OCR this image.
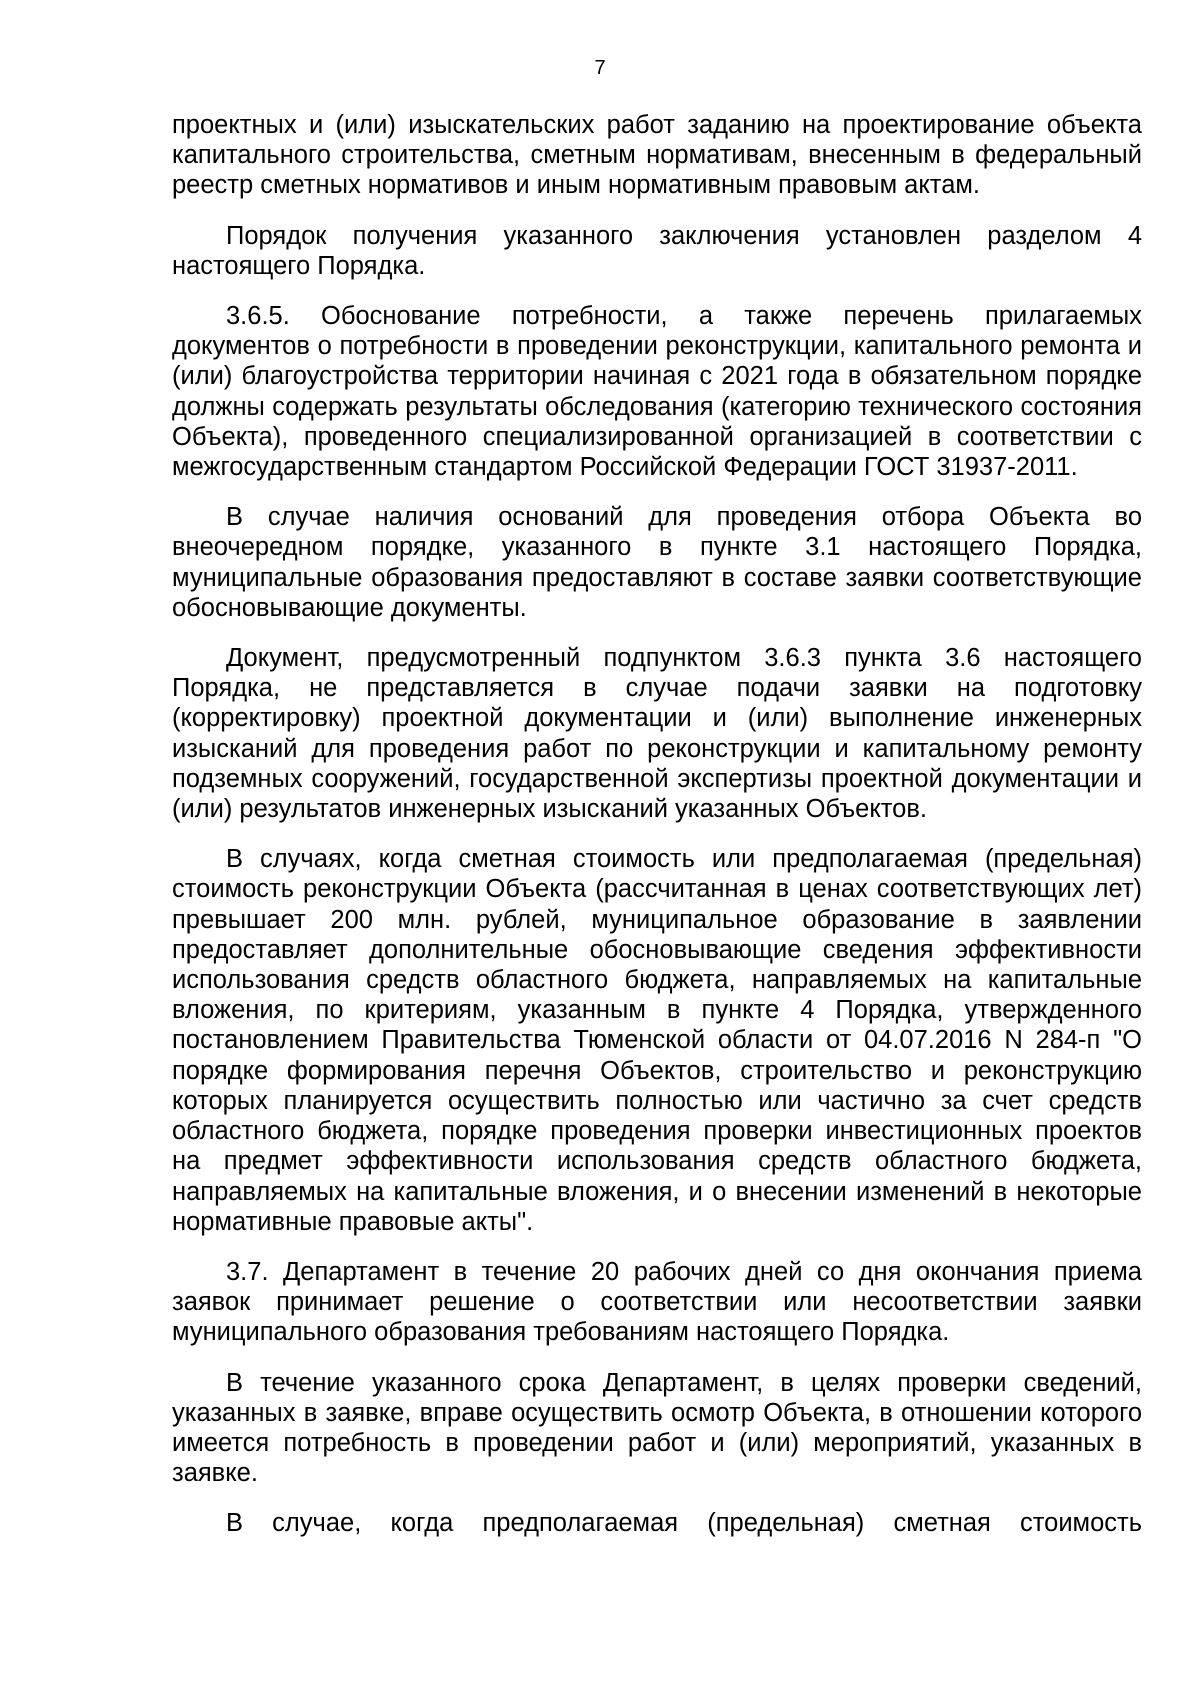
7

проектных и (или) изыскательских работ заданию на проектирование объекта капитального строительства, сметным нормативам, внесенным в федеральный реестр сметных нормативов и иным нормативным правовым актам.

Порядок получения указанного заключения установлен разделом 4 настоящего Порядка.

3.6.5. Обоснование потребности, а также перечень прилагаемых документов о потребности в проведении реконструкции, капитального ремонта и (или) благоустройства территории начиная с 2021 года в обязательном порядке должны содержать результаты обследования (категорию технического состояния Объекта), проведенного специализированной организацией в соответствии с межгосударственным стандартом Российской Федерации ГОСТ 31937-2011.

В случае наличия оснований для проведения отбора Объекта во внеочередном порядке, указанного в пункте 3.1 настоящего Порядка, муниципальные образования предоставляют в составе заявки соответствующие обосновывающие документы.

Документ, предусмотренный подпунктом 3.6.3 пункта 3.6 настоящего Порядка, не представляется в случае подачи заявки на подготовку (корректировку) проектной документации и (или) выполнение инженерных изысканий для проведения работ по реконструкции и капитальному ремонту подземных сооружений, государственной экспертизы проектной документации и (или) результатов инженерных изысканий указанных Объектов.

В случаях, когда сметная стоимость или предполагаемая (предельная) стоимость реконструкции Объекта (рассчитанная в ценах соответствующих лет) превышает 200 млн. рублей, муниципальное образование в заявлении предоставляет дополнительные обосновывающие сведения эффективности использования средств областного бюджета, направляемых на капитальные вложения, по критериям, указанным в пункте 4 Порядка, утвержденного постановлением Правительства Тюменской области от 04.07.2016 N 284-п "О порядке формирования перечня Объектов, строительство и реконструкцию которых планируется осуществить полностью или частично за счет средств областного бюджета, порядке проведения проверки инвестиционных проектов на предмет эффективности использования средств областного бюджета, направляемых на капитальные вложения, и о внесении изменений в некоторые нормативные правовые акты".

3.7. Департамент в течение 20 рабочих дней со дня окончания приема заявок принимает решение о соответствии или несоответствии заявки муниципального образования требованиям настоящего Порядка.

В течение указанного срока Департамент, в целях проверки сведений, указанных в заявке, вправе осуществить осмотр Объекта, в отношении которого имеется потребность в проведении работ и (или) мероприятий, указанных в заявке.

В случае, когда предполагаемая (предельная) сметная стоимость
